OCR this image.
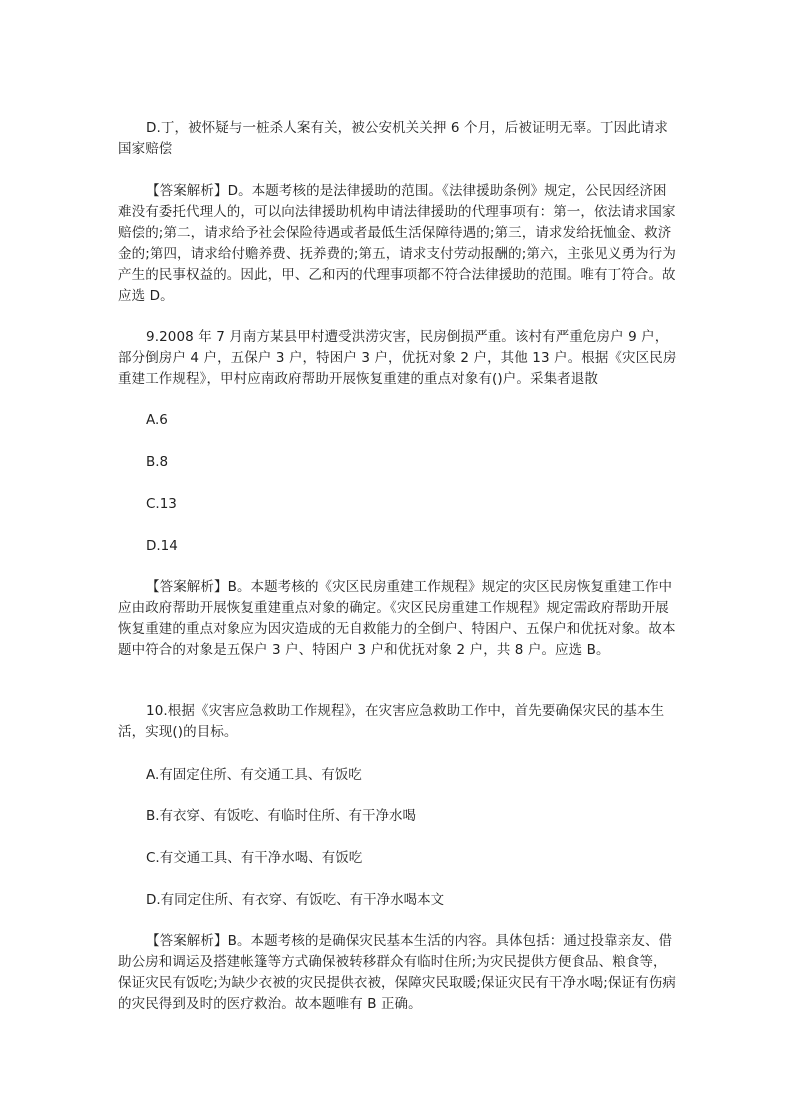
D.丁，被怀疑与一桩杀人案有关，被公安机关关押 6 个月，后被证明无辜。丁因此请求国家赔偿

【答案解析】D。本题考核的是法律援助的范围。《法律援助条例》规定，公民因经济困难没有委托代理人的，可以向法律援助机构申请法律援助的代理事项有：第一，依法请求国家赔偿的;第二，请求给予社会保险待遇或者最低生活保障待遇的;第三，请求发给抚恤金、救济金的;第四，请求给付赡养费、抚养费的;第五，请求支付劳动报酬的;第六，主张见义勇为行为产生的民事权益的。因此，甲、乙和丙的代理事项都不符合法律援助的范围。唯有丁符合。故应选 D。

9.2008 年 7 月南方某县甲村遭受洪涝灾害，民房倒损严重。该村有严重危房户 9 户，部分倒房户 4 户，五保户 3 户，特困户 3 户，优抚对象 2 户，其他 13 户。根据《灾区民房重建工作规程》，甲村应南政府帮助开展恢复重建的重点对象有()户。采集者退散

A.6

B.8

C.13

D.14

【答案解析】B。本题考核的《灾区民房重建工作规程》规定的灾区民房恢复重建工作中应由政府帮助开展恢复重建重点对象的确定。《灾区民房重建工作规程》规定需政府帮助开展恢复重建的重点对象应为因灾造成的无自救能力的全倒户、特困户、五保户和优抚对象。故本题中符合的对象是五保户 3 户、特困户 3 户和优抚对象 2 户，共 8 户。应选 B。

10.根据《灾害应急救助工作规程》，在灾害应急救助工作中，首先要确保灾民的基本生活，实现()的目标。

A.有固定住所、有交通工具、有饭吃

B.有衣穿、有饭吃、有临时住所、有干净水喝

C.有交通工具、有干净水喝、有饭吃

D.有同定住所、有衣穿、有饭吃、有干净水喝本文

【答案解析】B。本题考核的是确保灾民基本生活的内容。具体包括：通过投靠亲友、借助公房和调运及搭建帐篷等方式确保被转移群众有临时住所;为灾民提供方便食品、粮食等，保证灾民有饭吃;为缺少衣被的灾民提供衣被，保障灾民取暖;保证灾民有干净水喝;保证有伤病的灾民得到及时的医疗救治。故本题唯有 B 正确。
